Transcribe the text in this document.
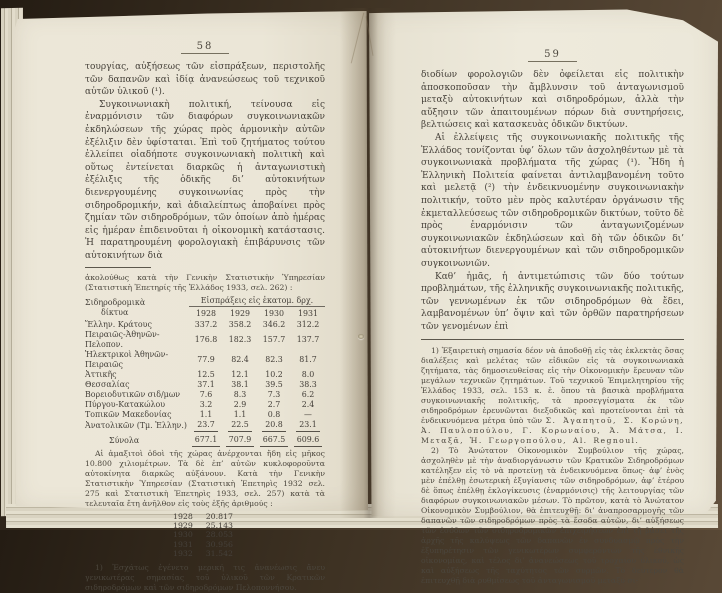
58

τουργίας, αὐξήσεως τῶν εἰσπράξεων, περιστολῆς τῶν δαπανῶν καὶ ἰδίᾳ ἀνανεώσεως τοῦ τεχνικοῦ αὐτῶν ὑλικοῦ (¹).

Συγκοινωνιακὴ πολιτική, τείνουσα εἰς ἐναρμόνισιν τῶν διαφόρων συγκοινωνιακῶν ἐκδηλώσεων τῆς χώρας πρὸς ἁρμονικὴν αὐτῶν ἐξέλιξιν δὲν ὑφίσταται. Ἐπὶ τοῦ ζητήματος τούτου ἐλλείπει οἱαδήποτε συγκοινωνιακὴ πολιτικὴ καὶ οὕτως ἐντείνεται διαρκῶς ἡ ἀνταγωνιστικὴ ἐξέλιξις τῆς ὁδικῆς δι’ αὐτοκινήτων διενεργουμένης συγκοινωνίας πρὸς τὴν σιδηροδρομικήν, καὶ ἀδιαλείπτως ἀποβαίνει πρὸς ζημίαν τῶν σιδηροδρόμων, τῶν ὁποίων ἀπὸ ἡμέρας εἰς ἡμέραν ἐπιδεινοῦται ἡ οἰκονομικὴ κατάστασις. Ἡ παρατηρουμένη φορολογιακὴ ἐπιβάρυνσις τῶν αὐτοκινήτων διὰ

ἀκολούθως κατὰ τὴν Γενικὴν Στατιστικὴν Ὑπηρεσίαν (Στατιστικὴ Ἐπετηρίς τῆς Ἑλλάδος 1933, σελ. 262) :

Σιδηροδρομικὰ
δίκτυα	Εἰσπράξεις εἰς ἑκατομ. δρχ.			
	1928	1929	1930	1931
Ἕλλην. Κράτους	337.2	358.2	346.2	312.2
Πειραιῶς-Ἀθηνῶν-Πελοπον.	176.8	182.3	157.7	137.7
Ἠλεκτρικοὶ Ἀθηνῶν-Πειραιῶς	77.9	82.4	82.3	81.7
Ἀττικῆς	12.5	12.1	10.2	8.0
Θεσσαλίας	37.1	38.1	39.5	38.3
Βορειοδυτικῶν σιδ/μων	7.6	8.3	7.3	6.2
Πύργου-Κατακώλου	3.2	2.9	2.7	2.4
Τοπικῶν Μακεδονίας	1.1	1.1	0.8	—
Ἀνατολικῶν (Τμ. Ἑλλην.)	23.7	22.5	20.8	23.1
Σύνολα	677.1	707.9	667.5	609.6

Αἱ ἁμαξιτοὶ ὁδοὶ τῆς χώρας ἀνέρχονται ἤδη εἰς μῆκος 10.800 χιλιομέτρων. Τὰ δὲ ἐπ’ αὐτῶν κυκλοφοροῦντα αὐτοκίνητα διαρκῶς αὐξάνουν. Κατὰ τὴν Γενικὴν Στατιστικὴν Ὑπηρεσίαν (Στατιστικὴ Ἐπετηρὶς 1932 σελ. 275 καὶ Στατιστικὴ Ἐπετηρὶς 1933, σελ. 257) κατὰ τὰ τελευταῖα ἔτη ἀνῆλθον εἰς τοὺς ἑξῆς ἀριθμούς :

1928	20.817
1929	25.143
1930	28.053
1931	30.956
1932	31.542

1) Ἐσχάτως ἐγένετο μερική τις ἀνανέωσις ἄνευ γενικωτέρας σημασίας τοῦ ὑλικοῦ τῶν Κρατικῶν σιδηροδρόμων καὶ τῶν σιδηροδρόμων Πελοποννήσου.

59

διοδίων φορολογιῶν δὲν ὀφείλεται εἰς πολιτικὴν ἀποσκοποῦσαν τὴν ἄμβλυνσιν τοῦ ἀνταγωνισμοῦ μεταξὺ αὐτοκινήτων καὶ σιδηροδρόμων, ἀλλὰ τὴν αὔξησιν τῶν ἀπαιτουμένων πόρων διὰ συντηρήσεις, βελτιώσεις καὶ κατασκευὰς ὁδικῶν δικτύων.

Αἱ ἐλλείψεις τῆς συγκοινωνιακῆς πολιτικῆς τῆς Ἑλλάδος τονίζονται ὑφ’ ὅλων τῶν ἀσχοληθέντων μὲ τὰ συγκοινωνιακὰ προβλήματα τῆς χώρας (¹). Ἤδη ἡ Ἑλληνικὴ Πολιτεία φαίνεται ἀντιλαμβανομένη τοῦτο καὶ μελετᾷ (²) τὴν ἐνδεικνυομένην συγκοινωνιακὴν πολιτικήν, τοῦτο μὲν πρὸς καλυτέραν ὀργάνωσιν τῆς ἐκμεταλλεύσεως τῶν σιδηροδρομικῶν δικτύων, τοῦτο δὲ πρὸς ἐναρμόνισιν τῶν ἀνταγωνιζομένων συγκοινωνιακῶν ἐκδηλώσεων καὶ δὴ τῶν ὁδικῶν δι’ αὐτοκινήτων διενεργουμένων καὶ τῶν σιδηροδρομικῶν συγκοινωνιῶν.

Καθ’ ἡμᾶς, ἡ ἀντιμετώπισις τῶν δύο τούτων προβλημάτων, τῆς ἑλληνικῆς συγκοινωνιακῆς πολιτικῆς, τῶν γεννωμένων ἐκ τῶν σιδηροδρόμων θὰ ἔδει, λαμβανομένων ὑπ’ ὄψιν καὶ τῶν ὀρθῶν παρατηρήσεων τῶν γενομένων ἐπὶ

1) Ἐξαιρετικὴ σημασία δέον νὰ ἀποδοθῇ εἰς τὰς ἐκλεκτὰς ὅσας διαλέξεις καὶ μελέτας τῶν εἰδικῶν εἰς τὰ συγκοινωνιακὰ ζητήματα, τὰς δημοσιευθείσας εἰς τὴν Οἰκονομικὴν ἔρευναν τῶν μεγάλων τεχνικῶν ζητημάτων. Τοῦ τεχνικοῦ Ἐπιμελητηρίου τῆς Ἑλλάδος 1933, σελ. 153 κ. ἑ. ὅπου τὰ βασικὰ προβλήματα συγκοινωνιακῆς πολιτικῆς, τὰ προσεγγίσματα ἐκ τῶν σιδηροδρόμων ἐρευνῶνται διεξοδικῶς καὶ προτείνονται ἐπὶ τὰ ἐνδεικνυόμενα μέτρα ὑπὸ τῶν Σ. Ἀγαπητοῦ, Σ. Κορώνη, Ἀ. Παυλοπούλου, Γ. Κορωναίου, Ἀ. Μάτσα, Ι. Μεταξᾶ, Ἡ. Γεωργοπούλου, Al. Regnoul.

2) Τὸ Ἀνώτατον Οἰκονομικὸν Συμβούλιον τῆς χώρας, ἀσχοληθὲν μὲ τὴν ἀναδιοργάνωσιν τῶν Κρατικῶν Σιδηροδρόμων κατέληξεν εἰς τὸ νὰ προτείνῃ τὰ ἐνδεικνυόμενα ὅπως· ἀφ’ ἑνὸς μὲν ἐπέλθῃ ἐσωτερικὴ ἐξυγίανσις τῶν σιδηροδρόμων, ἀφ’ ἑτέρου δὲ ὅπως ἐπέλθῃ ἐκλογίκευσις (ἐναρμόνισις) τῆς λειτουργίας τῶν διαφόρων συγκοινωνιακῶν μέσων. Τὸ πρῶτον, κατὰ τὸ Ἀνώτατον Οἰκονομικὸν Συμβούλιον, θὰ ἐπιτευχθῇ: δι’ ἀναπροσαρμογῆς τῶν δαπανῶν τῶν σιδηροδρόμων πρὸς τὰ ἔσοδα αὐτῶν, δι’ αὐξήσεως τῶν ἐσόδων τῶν σιδηροδρομικῶν ἐπιχειρήσεων ἐπὶ τῇ βάσει τῆς ἀρχῆς τῆς καλύψεως τῶν δαπανῶν ἐν συνδυασμῷ πρὸς τὴν ἐξυπηρέτησιν τῶν γενικωτέρων συμφερόντων τῆς ἐθνικῆς οἰκονομίας, καὶ τέλος δι’ ἀνανεώσεως τοῦ τροχαίου ὑλικοῦ, ὡς καὶ αὐξήσεως τῆς ταχύτητος τῶν συρμῶν. Τὸ δεύτερον θὰ ἐπιτευχθῇ διὰ ρυθμίσεως τοῦ ἀνταγωνισμοῦ μεταξὺ σι-
